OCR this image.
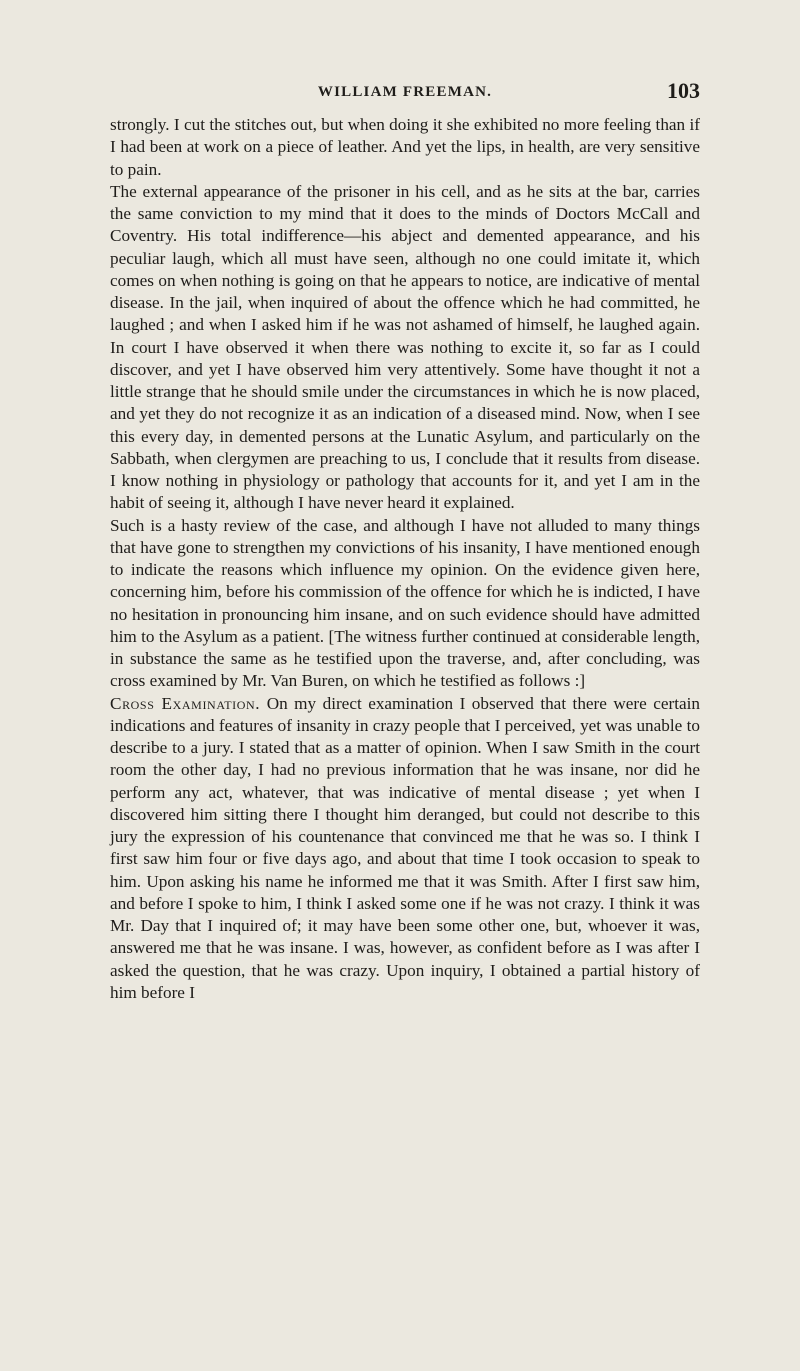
WILLIAM FREEMAN.	103

strongly. I cut the stitches out, but when doing it she exhibited no more feeling than if I had been at work on a piece of leather. And yet the lips, in health, are very sensitive to pain.

The external appearance of the prisoner in his cell, and as he sits at the bar, carries the same conviction to my mind that it does to the minds of Doctors McCall and Coventry. His total indifference—his abject and demented appearance, and his peculiar laugh, which all must have seen, although no one could imitate it, which comes on when nothing is going on that he appears to notice, are indicative of mental disease. In the jail, when inquired of about the offence which he had committed, he laughed ; and when I asked him if he was not ashamed of himself, he laughed again. In court I have observed it when there was nothing to excite it, so far as I could discover, and yet I have observed him very attentively. Some have thought it not a little strange that he should smile under the circumstances in which he is now placed, and yet they do not recognize it as an indication of a diseased mind. Now, when I see this every day, in demented persons at the Lunatic Asylum, and particularly on the Sabbath, when clergymen are preaching to us, I conclude that it results from disease. I know nothing in physiology or pathology that accounts for it, and yet I am in the habit of seeing it, although I have never heard it explained.

Such is a hasty review of the case, and although I have not alluded to many things that have gone to strengthen my convictions of his insanity, I have mentioned enough to indicate the reasons which influence my opinion. On the evidence given here, concerning him, before his commission of the offence for which he is indicted, I have no hesitation in pronouncing him insane, and on such evidence should have admitted him to the Asylum as a patient. [The witness further continued at considerable length, in substance the same as he testified upon the traverse, and, after concluding, was cross examined by Mr. Van Buren, on which he testified as follows :]

Cross Examination. On my direct examination I observed that there were certain indications and features of insanity in crazy people that I perceived, yet was unable to describe to a jury. I stated that as a matter of opinion. When I saw Smith in the court room the other day, I had no previous information that he was insane, nor did he perform any act, whatever, that was indicative of mental disease ; yet when I discovered him sitting there I thought him deranged, but could not describe to this jury the expression of his countenance that convinced me that he was so. I think I first saw him four or five days ago, and about that time I took occasion to speak to him. Upon asking his name he informed me that it was Smith. After I first saw him, and before I spoke to him, I think I asked some one if he was not crazy. I think it was Mr. Day that I inquired of; it may have been some other one, but, whoever it was, answered me that he was insane. I was, however, as confident before as I was after I asked the question, that he was crazy. Upon inquiry, I obtained a partial history of him before I
